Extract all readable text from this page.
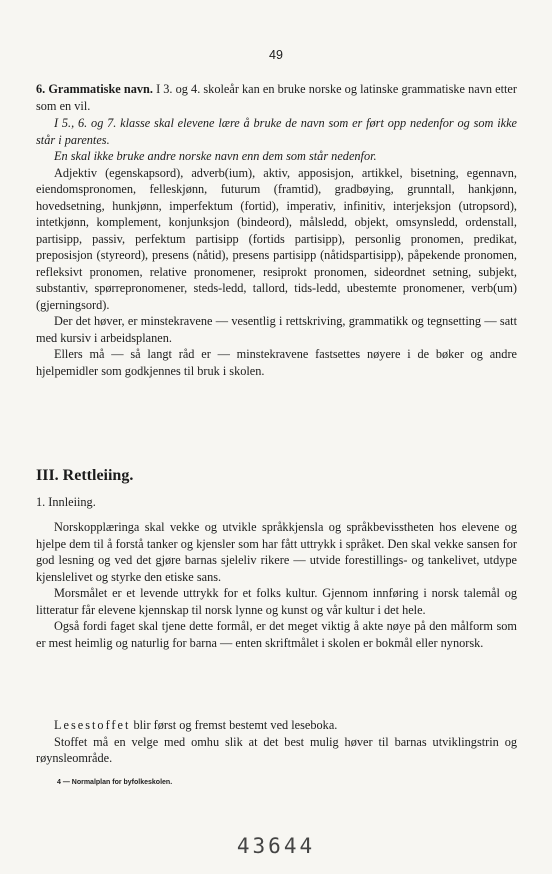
49

6. Grammatiske navn. I 3. og 4. skoleår kan en bruke norske og latinske grammatiske navn etter som en vil.

I 5., 6. og 7. klasse skal elevene lære å bruke de navn som er ført opp nedenfor og som ikke står i parentes.

En skal ikke bruke andre norske navn enn dem som står nedenfor.

Adjektiv (egenskapsord), adverb(ium), aktiv, apposisjon, artikkel, bisetning, egennavn, eiendomspronomen, felleskjønn, futurum (framtid), gradbøying, grunntall, hankjønn, hovedsetning, hunkjønn, imperfektum (fortid), imperativ, infinitiv, interjeksjon (utropsord), intetkjønn, komplement, konjunksjon (bindeord), målsledd, objekt, omsynsledd, ordenstall, partisipp, passiv, perfektum partisipp (fortids partisipp), personlig pronomen, predikat, preposisjon (styreord), presens (nåtid), presens partisipp (nåtidspartisipp), påpekende pronomen, refleksivt pronomen, relative pronomener, resiprokt pronomen, sideordnet setning, subjekt, substantiv, spørrepronomener, steds-ledd, tallord, tids-ledd, ubestemte pronomener, verb(um) (gjerningsord).

Der det høver, er minstekravene — vesentlig i rettskriving, grammatikk og tegnsetting — satt med kursiv i arbeidsplanen.

Ellers må — så langt råd er — minstekravene fastsettes nøyere i de bøker og andre hjelpemidler som godkjennes til bruk i skolen.

III. Rettleiing.
1. Innleiing.

Norskopplæringa skal vekke og utvikle språkkjensla og språkbevisstheten hos elevene og hjelpe dem til å forstå tanker og kjensler som har fått uttrykk i språket. Den skal vekke sansen for god lesning og ved det gjøre barnas sjeleliv rikere — utvide forestillings- og tankelivet, utdype kjenslelivet og styrke den etiske sans.

Morsmålet er et levende uttrykk for et folks kultur. Gjennom innføring i norsk talemål og litteratur får elevene kjennskap til norsk lynne og kunst og vår kultur i det hele.

Også fordi faget skal tjene dette formål, er det meget viktig å akte nøye på den målform som er mest heimlig og naturlig for barna — enten skriftmålet i skolen er bokmål eller nynorsk.

Lesestoffet blir først og fremst bestemt ved leseboka.

Stoffet må en velge med omhu slik at det best mulig høver til barnas utviklingstrin og røynsleområde.

4 — Normalplan for byfolkeskolen.
43644
